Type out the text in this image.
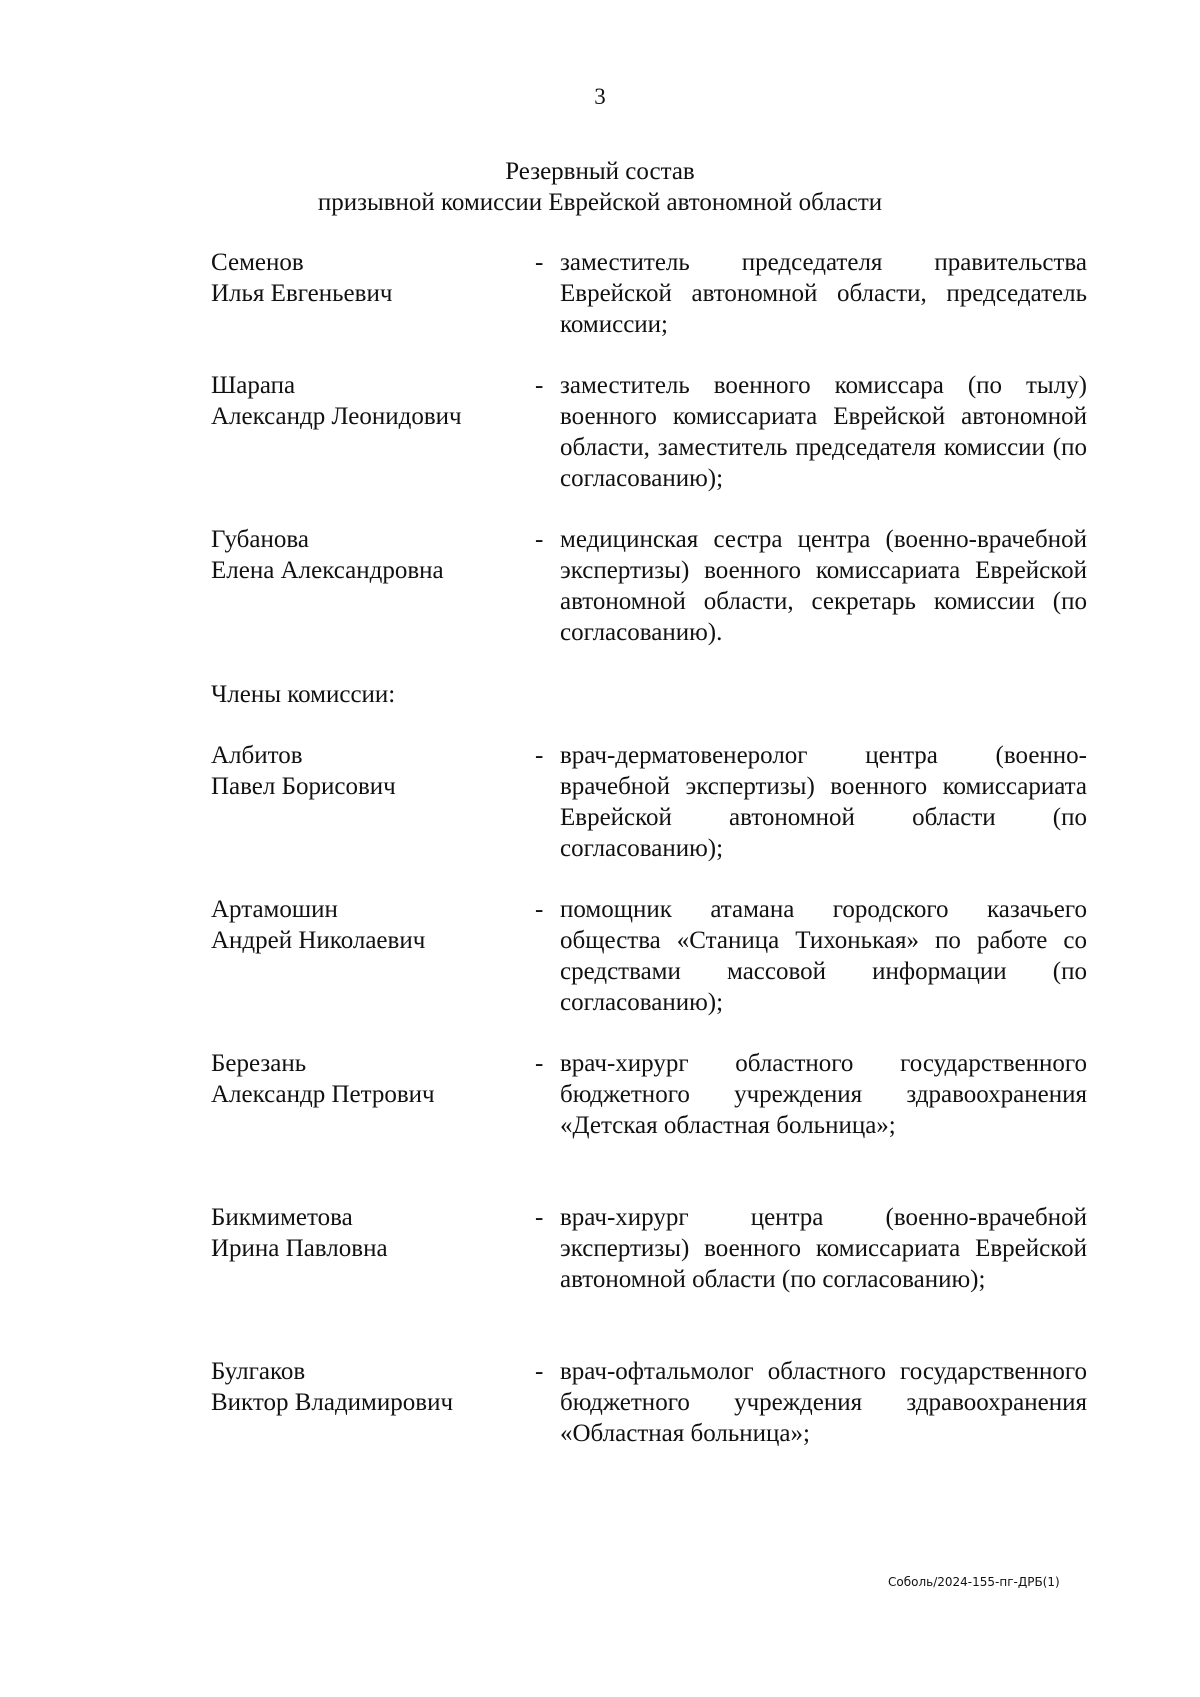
3
Резервный состав
призывной комиссии Еврейской автономной области
Семенов
Илья Евгеньевич
- заместитель председателя правительства Еврейской автономной области, председатель комиссии;
Шарапа
Александр Леонидович
- заместитель военного комиссара (по тылу) военного комиссариата Еврейской автономной области, заместитель председателя комиссии (по согласованию);
Губанова
Елена Александровна
- медицинская сестра центра (военно-врачебной экспертизы) военного комиссариата Еврейской автономной области, секретарь комиссии (по согласованию).
Члены комиссии:
Албитов
Павел Борисович
- врач-дерматовенеролог центра (военно-врачебной экспертизы) военного комиссариата Еврейской автономной области (по согласованию);
Артамошин
Андрей Николаевич
- помощник атамана городского казачьего общества «Станица Тихонькая» по работе со средствами массовой информации (по согласованию);
Березань
Александр Петрович
- врач-хирург областного государственного бюджетного учреждения здравоохранения «Детская областная больница»;
Бикмиметова
Ирина Павловна
- врач-хирург центра (военно-врачебной экспертизы) военного комиссариата Еврейской автономной области (по согласованию);
Булгаков
Виктор Владимирович
- врач-офтальмолог областного государственного бюджетного учреждения здравоохранения «Областная больница»;
Соболь/2024-155-пг-ДРБ(1)
